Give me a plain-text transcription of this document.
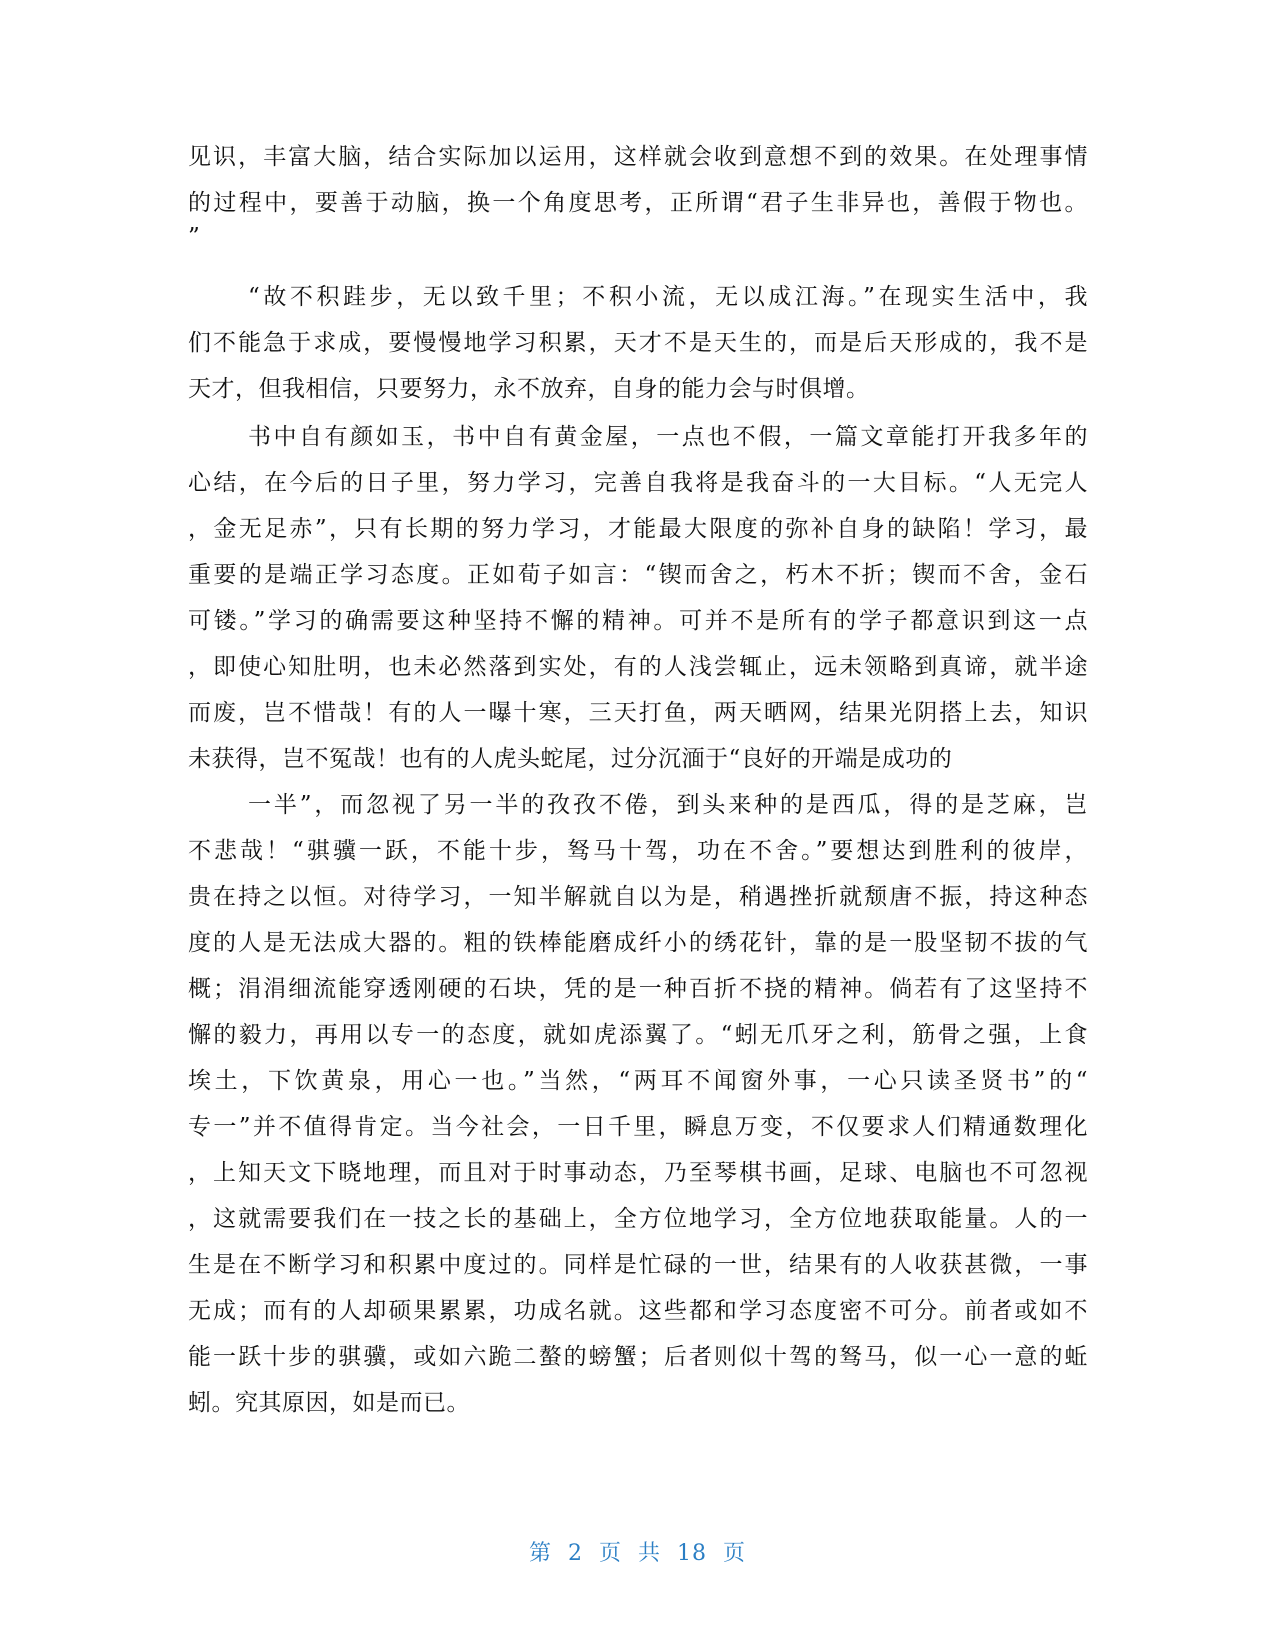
见识，丰富大脑，结合实际加以运用，这样就会收到意想不到的效果。在处理事情
的过程中，要善于动脑，换一个角度思考，正所谓“君子生非异也，善假于物也。
”
“故不积跬步，无以致千里；不积小流，无以成江海。”在现实生活中，我
们不能急于求成，要慢慢地学习积累，天才不是天生的，而是后天形成的，我不是
天才，但我相信，只要努力，永不放弃，自身的能力会与时俱增。
书中自有颜如玉，书中自有黄金屋，一点也不假，一篇文章能打开我多年的
心结，在今后的日子里，努力学习，完善自我将是我奋斗的一大目标。“人无完人
，金无足赤”，只有长期的努力学习，才能最大限度的弥补自身的缺陷！学习，最
重要的是端正学习态度。正如荀子如言：“锲而舍之，朽木不折；锲而不舍，金石
可镂。”学习的确需要这种坚持不懈的精神。可并不是所有的学子都意识到这一点
，即使心知肚明，也未必然落到实处，有的人浅尝辄止，远未领略到真谛，就半途
而废，岂不惜哉！有的人一曝十寒，三天打鱼，两天晒网，结果光阴搭上去，知识
未获得，岂不冤哉！也有的人虎头蛇尾，过分沉湎于“良好的开端是成功的
一半”，而忽视了另一半的孜孜不倦，到头来种的是西瓜，得的是芝麻，岂
不悲哉！“骐骥一跃，不能十步，驽马十驾，功在不舍。”要想达到胜利的彼岸，
贵在持之以恒。对待学习，一知半解就自以为是，稍遇挫折就颓唐不振，持这种态
度的人是无法成大器的。粗的铁棒能磨成纤小的绣花针，靠的是一股坚韧不拔的气
概；涓涓细流能穿透刚硬的石块，凭的是一种百折不挠的精神。倘若有了这坚持不
懈的毅力，再用以专一的态度，就如虎添翼了。“蚓无爪牙之利，筋骨之强，上食
埃土，下饮黄泉，用心一也。”当然，“两耳不闻窗外事，一心只读圣贤书”的“
专一”并不值得肯定。当今社会，一日千里，瞬息万变，不仅要求人们精通数理化
，上知天文下晓地理，而且对于时事动态，乃至琴棋书画，足球、电脑也不可忽视
，这就需要我们在一技之长的基础上，全方位地学习，全方位地获取能量。人的一
生是在不断学习和积累中度过的。同样是忙碌的一世，结果有的人收获甚微，一事
无成；而有的人却硕果累累，功成名就。这些都和学习态度密不可分。前者或如不
能一跃十步的骐骥，或如六跪二螯的螃蟹；后者则似十驾的驽马，似一心一意的蚯
蚓。究其原因，如是而已。
第 2 页 共 18 页
